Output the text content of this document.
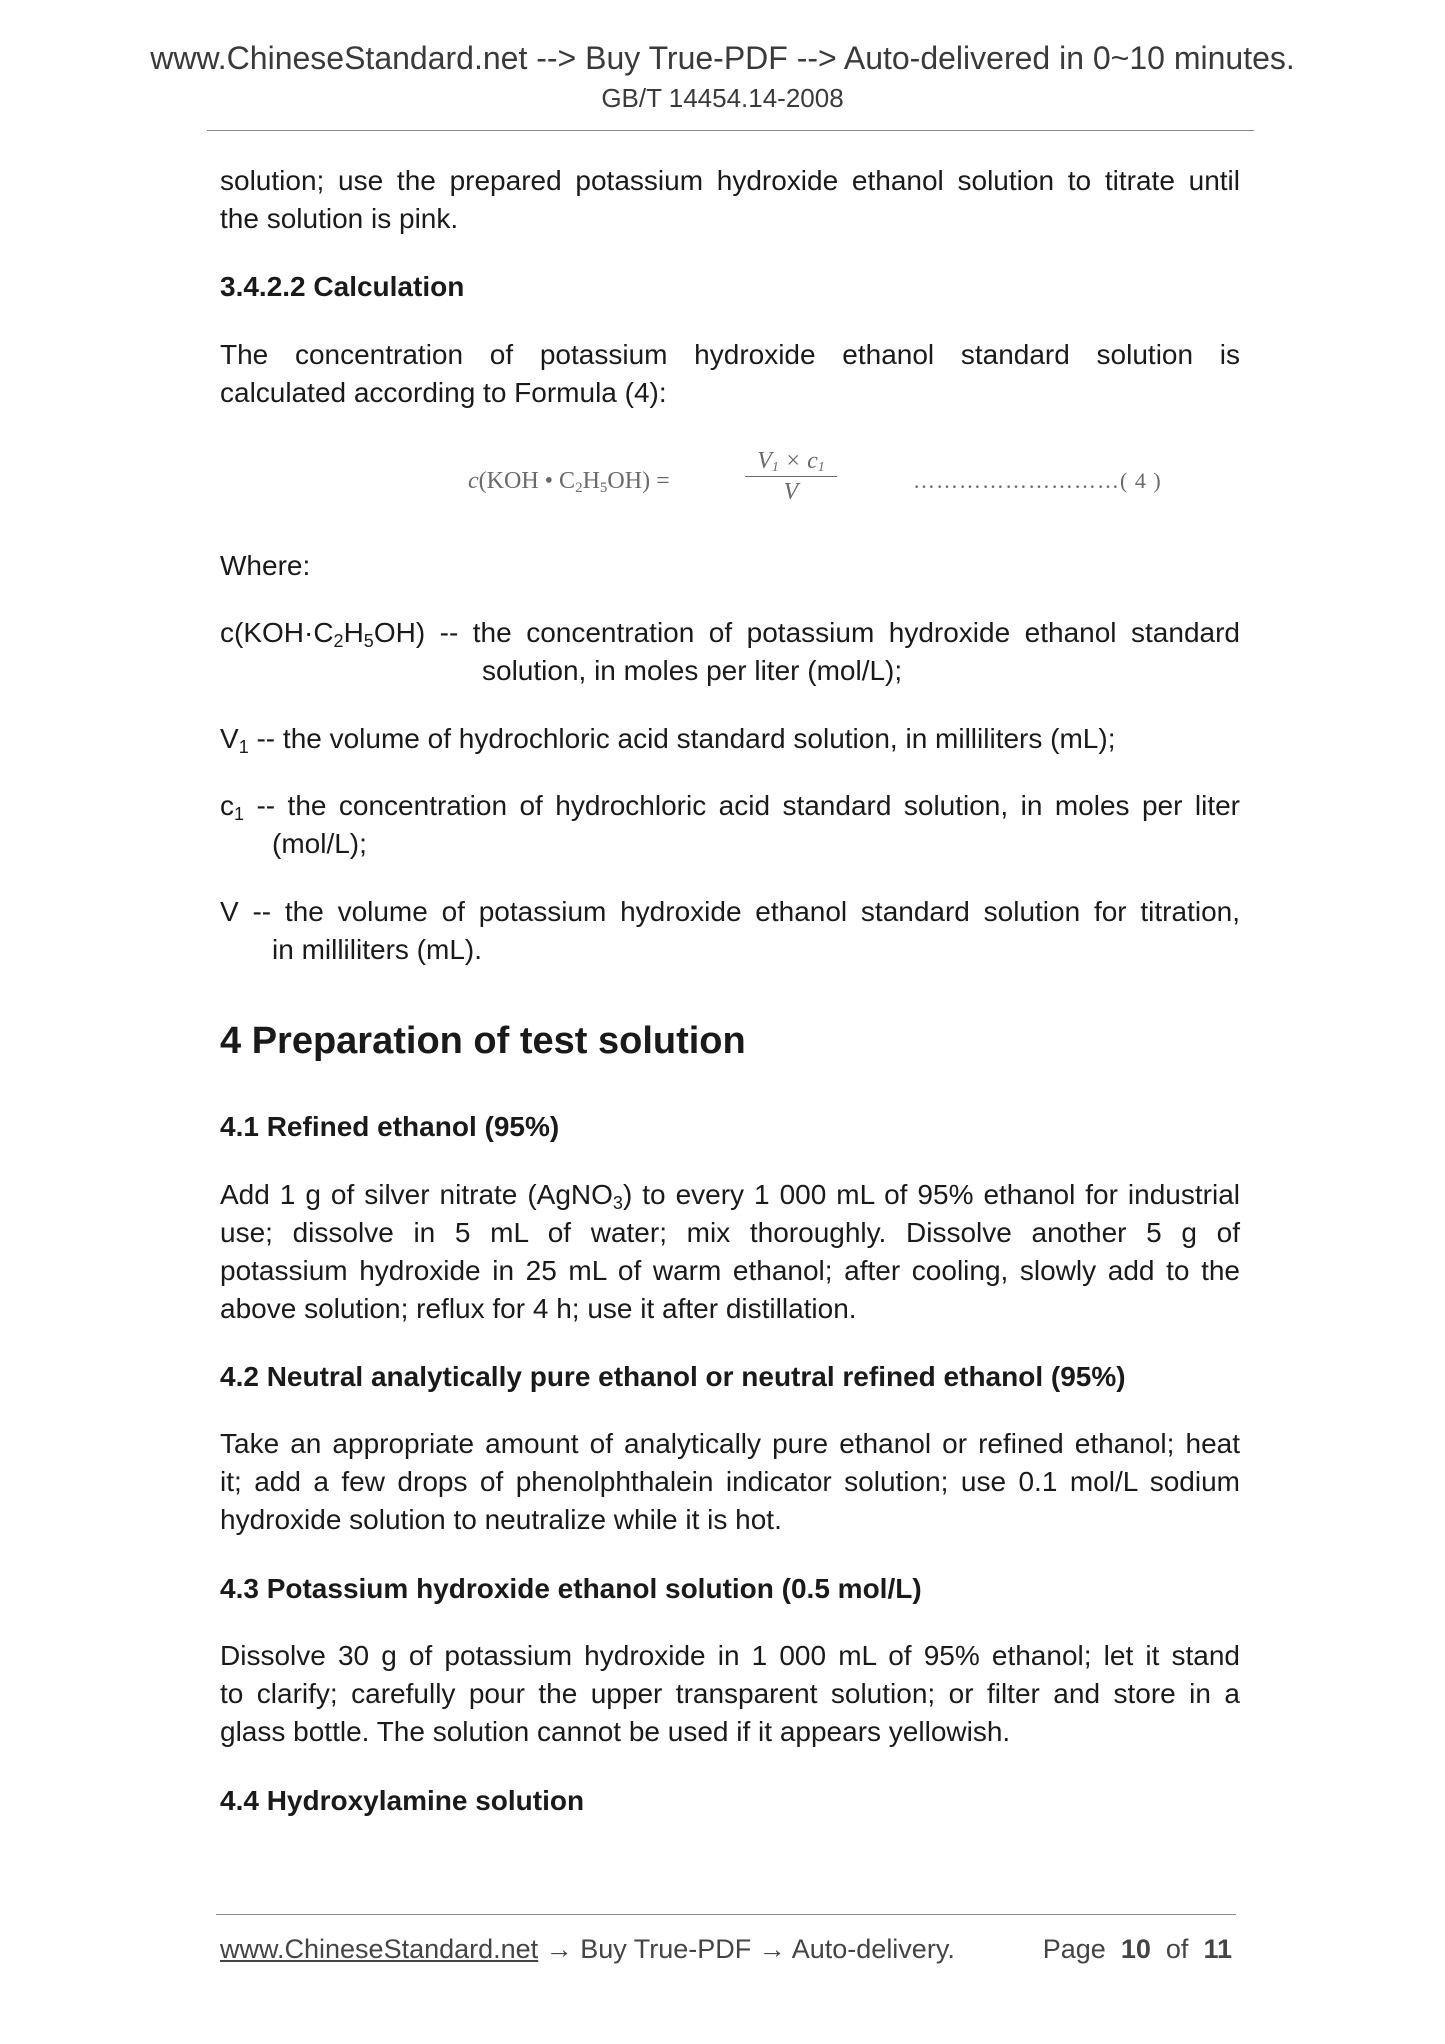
www.ChineseStandard.net --> Buy True-PDF --> Auto-delivered in 0~10 minutes.
GB/T 14454.14-2008
solution; use the prepared potassium hydroxide ethanol solution to titrate until
the solution is pink.
3.4.2.2 Calculation
The concentration of potassium hydroxide ethanol standard solution is
calculated according to Formula (4):
c(KOH • $C_2H_5OH$) =
$V_1 \times c_1$
V	………………………( 4 )
Where:
$c(KOH\cdot C_2H_5OH)$ -- the concentration of potassium hydroxide ethanol standard
solution, in moles per liter (mol/L);
$V_1$ -- the volume of hydrochloric acid standard solution, in milliliters (mL);
$c_1$ -- the concentration of hydrochloric acid standard solution, in moles per liter
(mol/L);
V -- the volume of potassium hydroxide ethanol standard solution for titration,
in milliliters (mL).
4 Preparation of test solution
4.1 Refined ethanol (95%)
Add 1 g of silver nitrate (AgNO$_3$) to every 1 000 mL of 95% ethanol for industrial
use; dissolve in 5 mL of water; mix thoroughly. Dissolve another 5 g of
potassium hydroxide in 25 mL of warm ethanol; after cooling, slowly add to the
above solution; reflux for 4 h; use it after distillation.
4.2 Neutral analytically pure ethanol or neutral refined ethanol (95%)
Take an appropriate amount of analytically pure ethanol or refined ethanol; heat
it; add a few drops of phenolphthalein indicator solution; use 0.1 mol/L sodium
hydroxide solution to neutralize while it is hot.
4.3 Potassium hydroxide ethanol solution (0.5 mol/L)
Dissolve 30 g of potassium hydroxide in 1 000 mL of 95% ethanol; let it stand
to clarify; carefully pour the upper transparent solution; or filter and store in a
glass bottle. The solution cannot be used if it appears yellowish.
4.4 Hydroxylamine solution
www.ChineseStandard.net → Buy True-PDF → Auto-delivery.	Page 10 of 11
